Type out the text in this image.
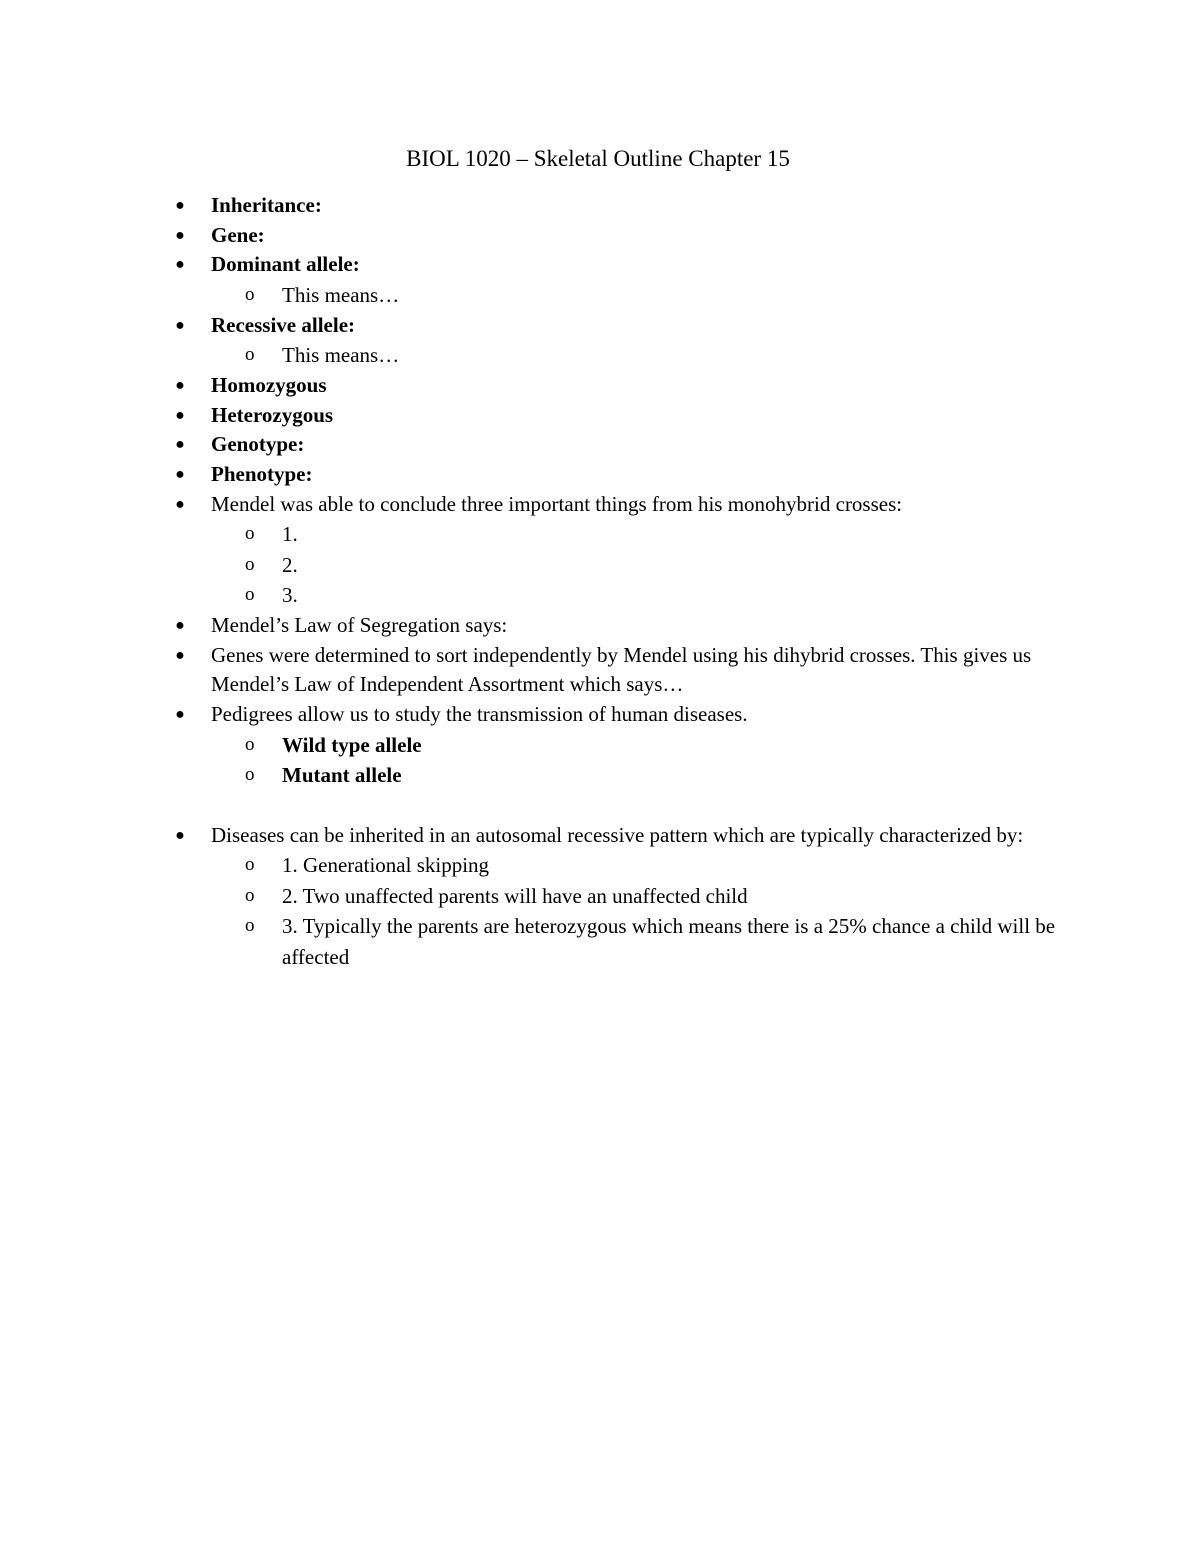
BIOL 1020 – Skeletal Outline Chapter 15
● Inheritance:
● Gene:
● Dominant allele:
o	This means…
● Recessive allele:
o	This means…
● Homozygous
● Heterozygous
● Genotype:
● Phenotype:
● Mendel was able to conclude three important things from his monohybrid crosses:
o	1.
o	2.
o	3.
● Mendel’s Law of Segregation says:
● Genes were determined to sort independently by Mendel using his dihybrid crosses. This gives us Mendel’s Law of Independent Assortment which says…
● Pedigrees allow us to study the transmission of human diseases.
o	Wild type allele
o	Mutant allele
● Diseases can be inherited in an autosomal recessive pattern which are typically characterized by:
o	1. Generational skipping
o	2. Two unaffected parents will have an unaffected child
o	3. Typically the parents are heterozygous which means there is a 25% chance a child will be affected
